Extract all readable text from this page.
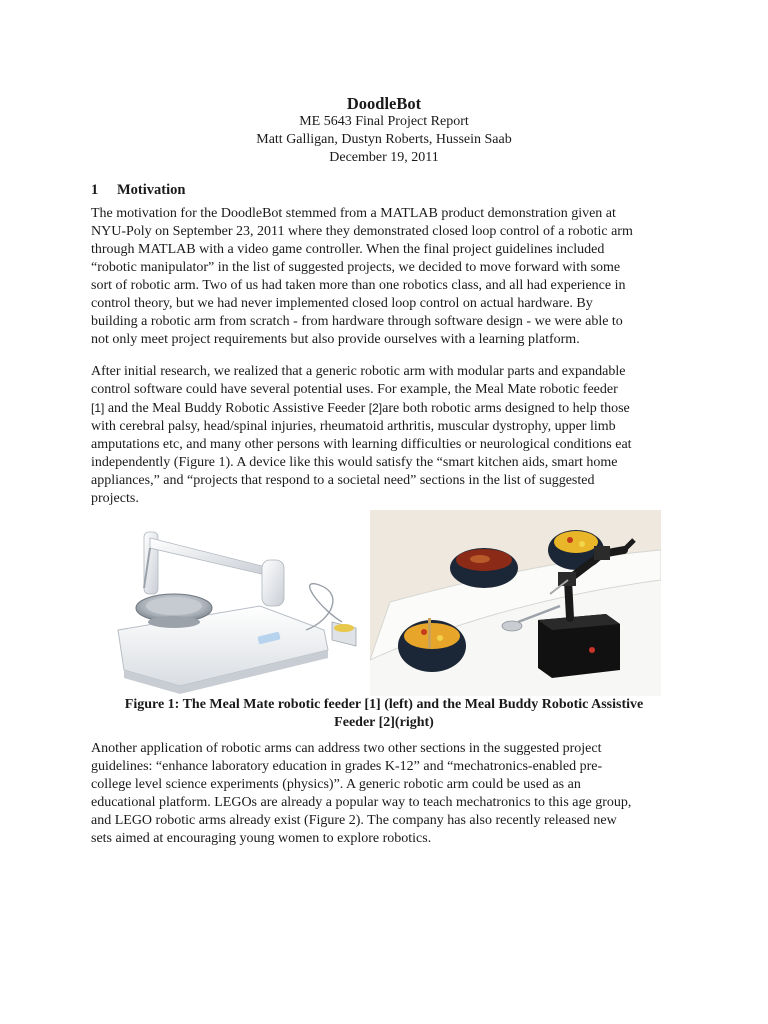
DoodleBot
ME 5643 Final Project Report
Matt Galligan, Dustyn Roberts, Hussein Saab
December 19, 2011
1 Motivation
The motivation for the DoodleBot stemmed from a MATLAB product demonstration given at
NYU-Poly on September 23, 2011 where they demonstrated closed loop control of a robotic arm
through MATLAB with a video game controller. When the final project guidelines included
“robotic manipulator” in the list of suggested projects, we decided to move forward with some
sort of robotic arm. Two of us had taken more than one robotics class, and all had experience in
control theory, but we had never implemented closed loop control on actual hardware. By
building a robotic arm from scratch - from hardware through software design - we were able to
not only meet project requirements but also provide ourselves with a learning platform.
After initial research, we realized that a generic robotic arm with modular parts and expandable
control software could have several potential uses. For example, the Meal Mate robotic feeder
[1] and the Meal Buddy Robotic Assistive Feeder [2]are both robotic arms designed to help those
with cerebral palsy, head/spinal injuries, rheumatoid arthritis, muscular dystrophy, upper limb
amputations etc, and many other persons with learning difficulties or neurological conditions eat
independently (Figure 1). A device like this would satisfy the “smart kitchen aids, smart home
appliances,” and “projects that respond to a societal need” sections in the list of suggested
projects.
Figure 1: The Meal Mate robotic feeder [1] (left) and the Meal Buddy Robotic Assistive
Feeder [2](right)
Another application of robotic arms can address two other sections in the suggested project
guidelines: “enhance laboratory education in grades K-12” and “mechatronics-enabled pre-
college level science experiments (physics)”. A generic robotic arm could be used as an
educational platform. LEGOs are already a popular way to teach mechatronics to this age group,
and LEGO robotic arms already exist (Figure 2). The company has also recently released new
sets aimed at encouraging young women to explore robotics.
